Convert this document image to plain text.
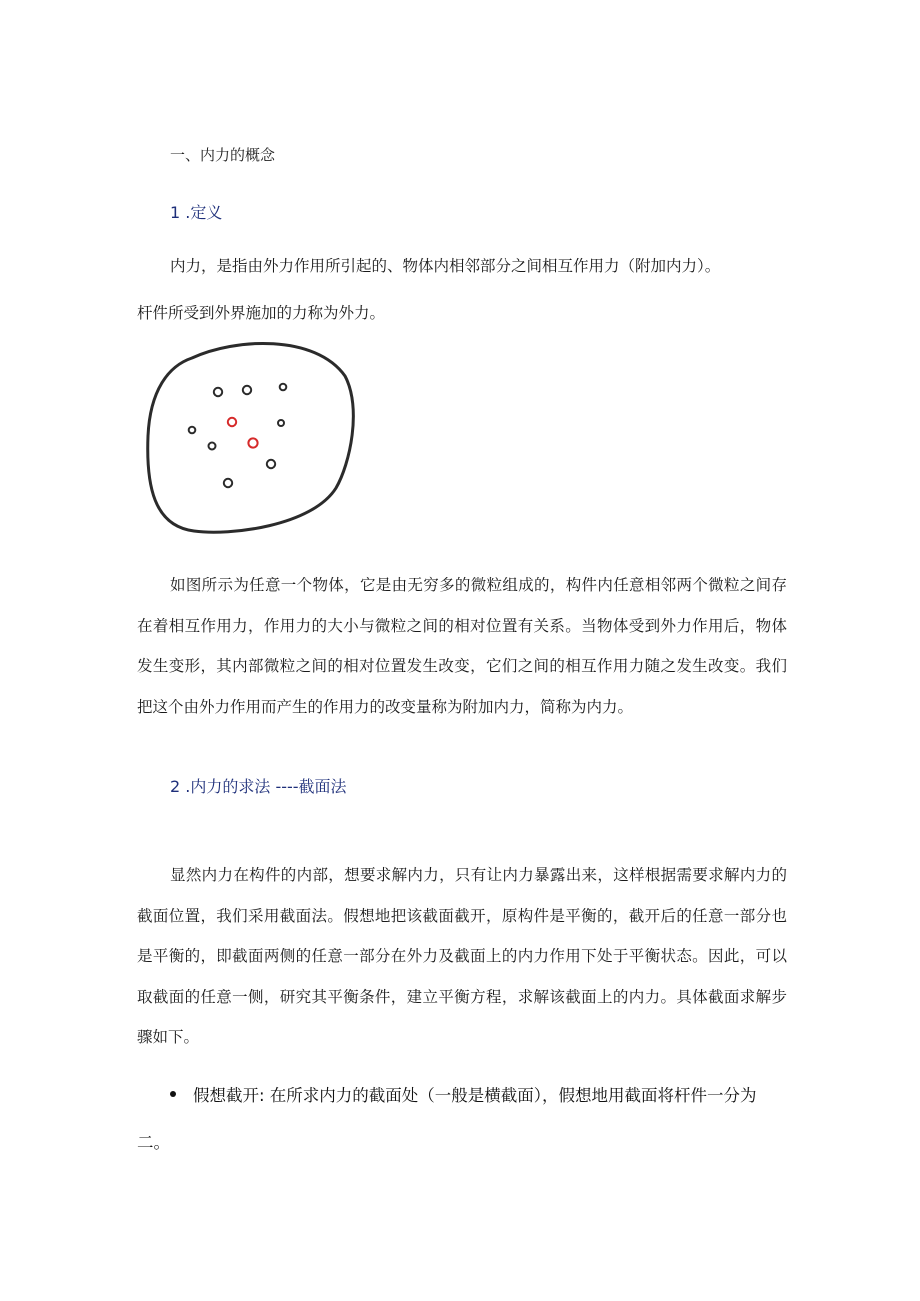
一、内力的概念

1 .定义

内力，是指由外力作用所引起的、物体内相邻部分之间相互作用力（附加内力）。

杆件所受到外界施加的力称为外力。

如图所示为任意一个物体，它是由无穷多的微粒组成的，构件内任意相邻两个微粒之间存在着相互作用力，作用力的大小与微粒之间的相对位置有关系。当物体受到外力作用后，物体发生变形，其内部微粒之间的相对位置发生改变，它们之间的相互作用力随之发生改变。我们把这个由外力作用而产生的作用力的改变量称为附加内力，简称为内力。

2 .内力的求法 ----截面法

显然内力在构件的内部，想要求解内力，只有让内力暴露出来，这样根据需要求解内力的截面位置，我们采用截面法。假想地把该截面截开，原构件是平衡的，截开后的任意一部分也是平衡的，即截面两侧的任意一部分在外力及截面上的内力作用下处于平衡状态。因此，可以取截面的任意一侧，研究其平衡条件，建立平衡方程，求解该截面上的内力。具体截面求解步骤如下。

假想截开: 在所求内力的截面处（一般是横截面），假想地用截面将杆件一分为

二。
